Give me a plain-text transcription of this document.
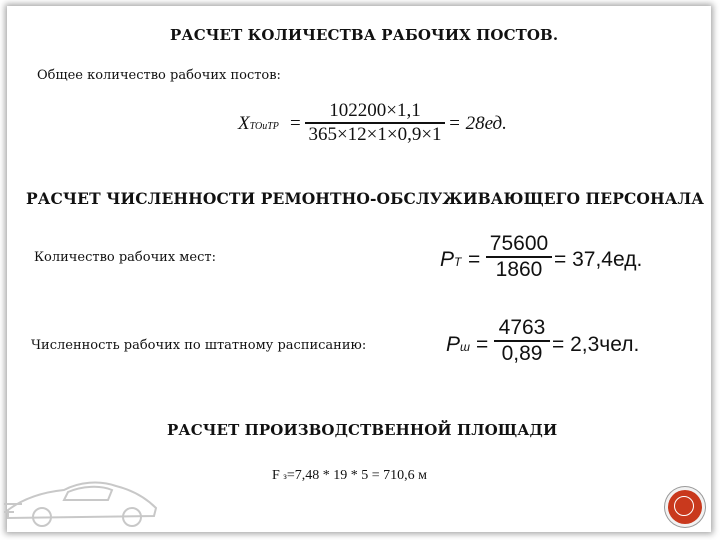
РАСЧЕТ КОЛИЧЕСТВА РАБОЧИХ ПОСТОВ.
Общее количество рабочих постов:
XTOиТР =
102200×1,1
365×12×1×0,9×1 = 28ед.
РАСЧЕТ ЧИСЛЕННОСТИ РЕМОНТНО-ОБСЛУЖИВАЮЩЕГО ПЕРСОНАЛА
Количество рабочих мест:	PТ =
75600
1860 = 37,4ед.
Численность рабочих по штатному расписанию:	Pш =
4763
0,89 = 2,3чел.
РАСЧЕТ ПРОИЗВОДСТВЕННОЙ ПЛОЩАДИ
F з=7,48 * 19 * 5 = 710,6 м
